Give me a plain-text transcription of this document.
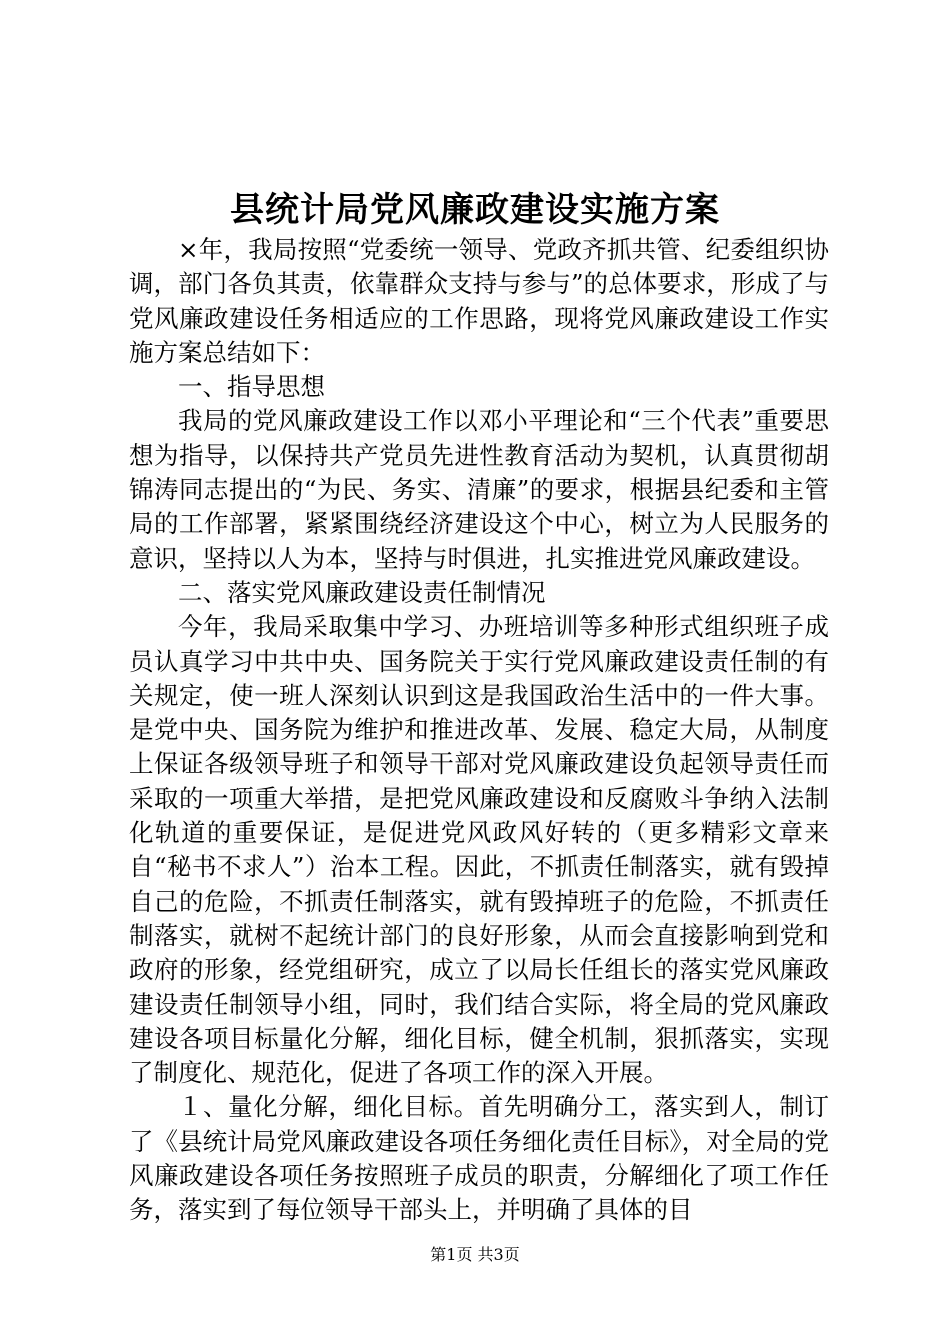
县统计局党风廉政建设实施方案

×年，我局按照“党委统一领导、党政齐抓共管、纪委组织协调，部门各负其责，依靠群众支持与参与”的总体要求，形成了与党风廉政建设任务相适应的工作思路，现将党风廉政建设工作实施方案总结如下：

一、指导思想

我局的党风廉政建设工作以邓小平理论和“三个代表”重要思想为指导，以保持共产党员先进性教育活动为契机，认真贯彻胡锦涛同志提出的“为民、务实、清廉”的要求，根据县纪委和主管局的工作部署，紧紧围绕经济建设这个中心，树立为人民服务的意识，坚持以人为本，坚持与时俱进，扎实推进党风廉政建设。

二、落实党风廉政建设责任制情况

今年，我局采取集中学习、办班培训等多种形式组织班子成员认真学习中共中央、国务院关于实行党风廉政建设责任制的有关规定，使一班人深刻认识到这是我国政治生活中的一件大事。是党中央、国务院为维护和推进改革、发展、稳定大局，从制度上保证各级领导班子和领导干部对党风廉政建设负起领导责任而采取的一项重大举措，是把党风廉政建设和反腐败斗争纳入法制化轨道的重要保证，是促进党风政风好转的（更多精彩文章来自“秘书不求人”）治本工程。因此，不抓责任制落实，就有毁掉自己的危险，不抓责任制落实，就有毁掉班子的危险，不抓责任制落实，就树不起统计部门的良好形象，从而会直接影响到党和政府的形象，经党组研究，成立了以局长任组长的落实党风廉政建设责任制领导小组，同时，我们结合实际，将全局的党风廉政建设各项目标量化分解，细化目标，健全机制，狠抓落实，实现了制度化、规范化，促进了各项工作的深入开展。

１、量化分解，细化目标。首先明确分工，落实到人，制订了《县统计局党风廉政建设各项任务细化责任目标》，对全局的党风廉政建设各项任务按照班子成员的职责，分解细化了项工作任务，落实到了每位领导干部头上，并明确了具体的目

第1页 共3页
